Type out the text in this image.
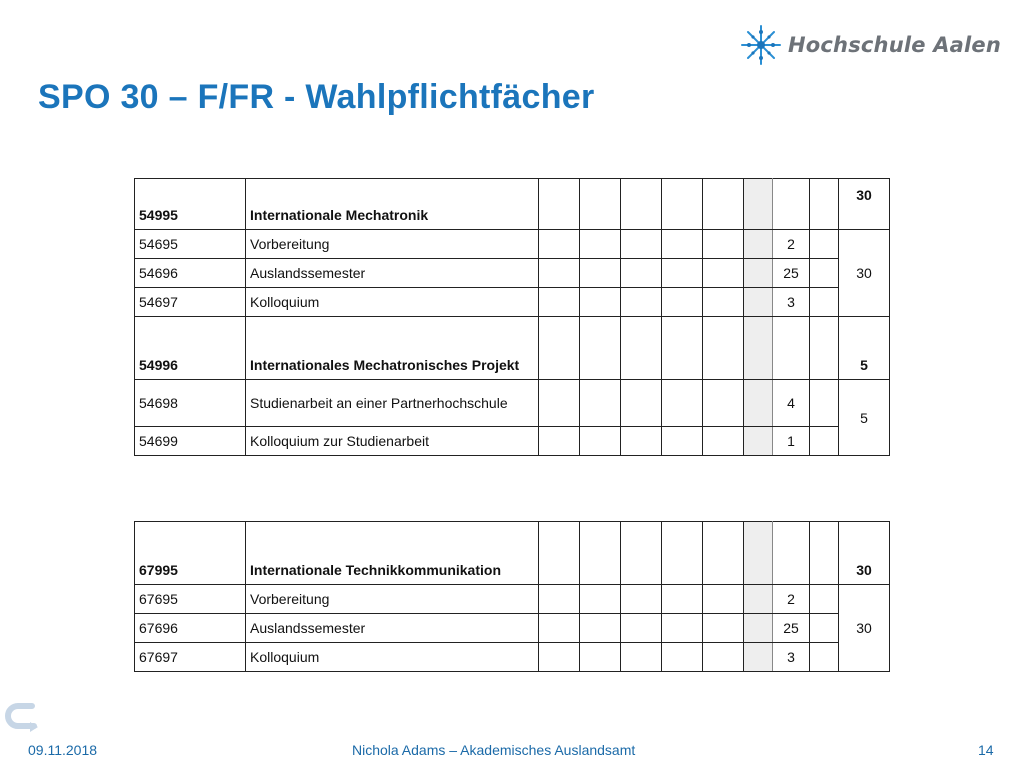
Hochschule Aalen
SPO 30 – F/FR - Wahlpflichtfächer
54995	Internationale Mechatronik									30
54695	Vorbereitung							2		30
54696	Auslandssemester							25		
54697	Kolloquium							3		
54996	Internationales Mechatronisches Projekt									5
54698	Studienarbeit an einer Partnerhochschule							4		5
54699	Kolloquium zur Studienarbeit							1		
67995	Internationale Technikkommunikation									30
67695	Vorbereitung							2		30
67696	Auslandssemester							25		
67697	Kolloquium							3		
09.11.2018	Nichola Adams – Akademisches Auslandsamt	14
